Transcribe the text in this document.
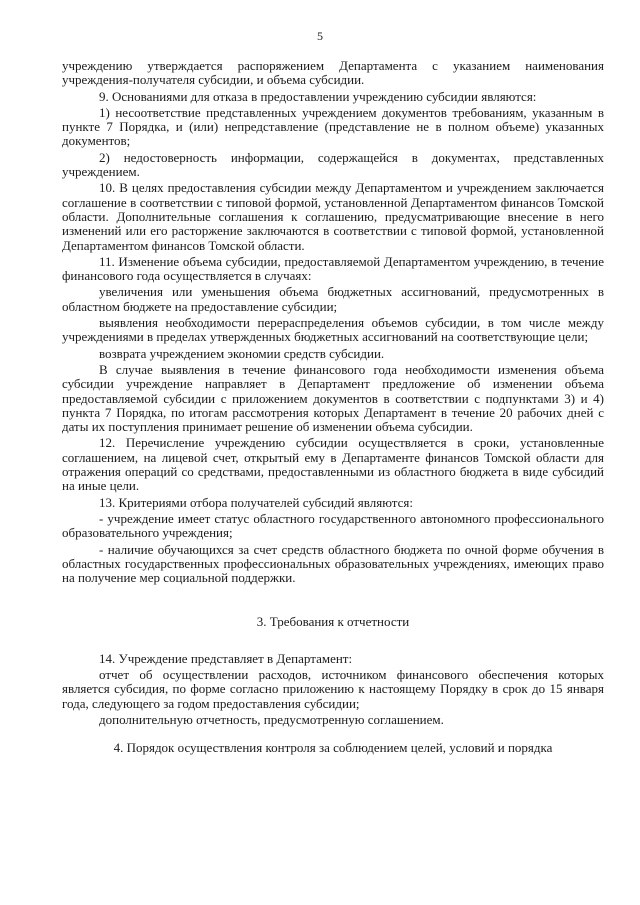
5

учреждению утверждается распоряжением Департамента с указанием наименования учреждения-получателя субсидии, и объема субсидии.

9. Основаниями для отказа в предоставлении учреждению субсидии являются:

1) несоответствие представленных учреждением документов требованиям, указанным в пункте 7 Порядка, и (или) непредставление (представление не в полном объеме) указанных документов;

2) недостоверность информации, содержащейся в документах, представленных учреждением.

10. В целях предоставления субсидии между Департаментом и учреждением заключается соглашение в соответствии с типовой формой, установленной Департаментом финансов Томской области. Дополнительные соглашения к соглашению, предусматривающие внесение в него изменений или его расторжение заключаются в соответствии с типовой формой, установленной Департаментом финансов Томской области.

11. Изменение объема субсидии, предоставляемой Департаментом учреждению, в течение финансового года осуществляется в случаях:

увеличения или уменьшения объема бюджетных ассигнований, предусмотренных в областном бюджете на предоставление субсидии;

выявления необходимости перераспределения объемов субсидии, в том числе между учреждениями в пределах утвержденных бюджетных ассигнований на соответствующие цели;

возврата учреждением экономии средств субсидии.

В случае выявления в течение финансового года необходимости изменения объема субсидии учреждение направляет в Департамент предложение об изменении объема предоставляемой субсидии с приложением документов в соответствии с подпунктами 3) и 4) пункта 7 Порядка, по итогам рассмотрения которых Департамент в течение 20 рабочих дней с даты их поступления принимает решение об изменении объема субсидии.

12. Перечисление учреждению субсидии осуществляется в сроки, установленные соглашением, на лицевой счет, открытый ему в Департаменте финансов Томской области для отражения операций со средствами, предоставленными из областного бюджета в виде субсидий на иные цели.

13. Критериями отбора получателей субсидий являются:

- учреждение имеет статус областного государственного автономного профессионального образовательного учреждения;

- наличие обучающихся за счет средств областного бюджета по очной форме обучения в областных государственных профессиональных образовательных учреждениях, имеющих право на получение мер социальной поддержки.

3. Требования к отчетности

14. Учреждение представляет в Департамент:

отчет об осуществлении расходов, источником финансового обеспечения которых является субсидия, по форме согласно приложению к настоящему Порядку в срок до 15 января года, следующего за годом предоставления субсидии;

дополнительную отчетность, предусмотренную соглашением.

4. Порядок осуществления контроля за соблюдением целей, условий и порядка
